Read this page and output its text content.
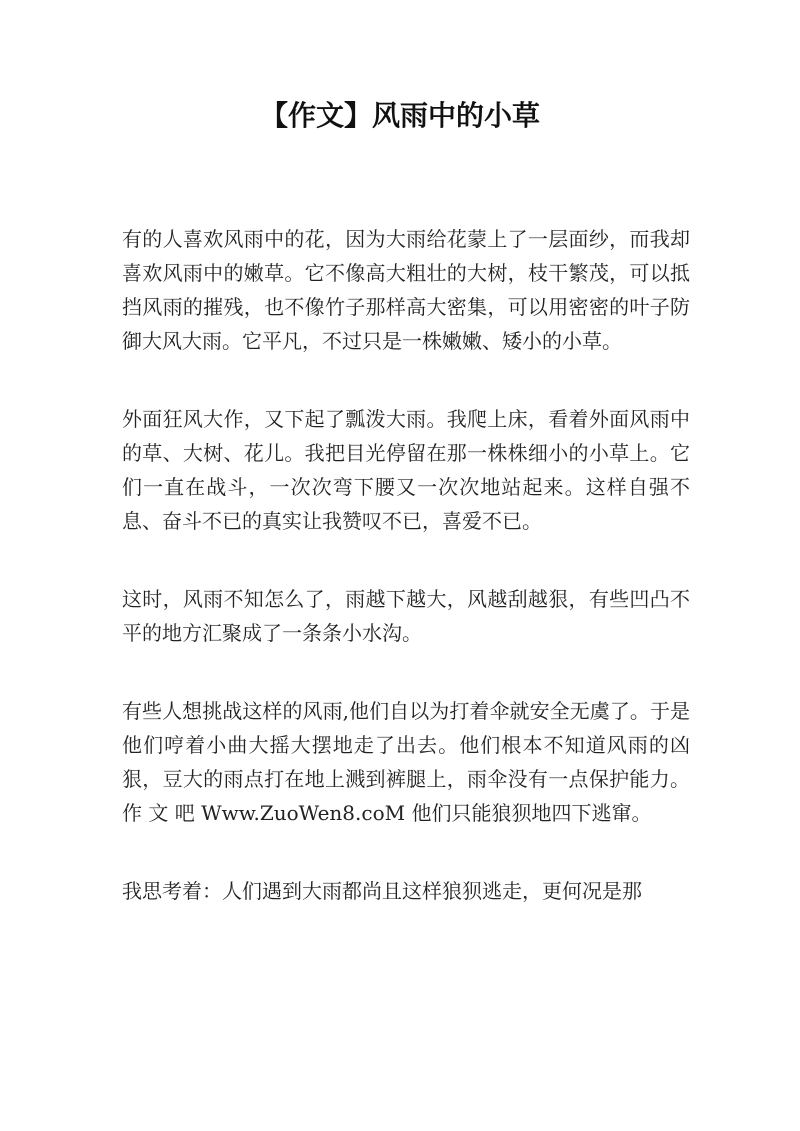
【作文】风雨中的小草

有的人喜欢风雨中的花，因为大雨给花蒙上了一层面纱，而我却喜欢风雨中的嫩草。它不像高大粗壮的大树，枝干繁茂，可以抵挡风雨的摧残，也不像竹子那样高大密集，可以用密密的叶子防御大风大雨。它平凡，不过只是一株嫩嫩、矮小的小草。

外面狂风大作，又下起了瓢泼大雨。我爬上床，看着外面风雨中的草、大树、花儿。我把目光停留在那一株株细小的小草上。它们一直在战斗，一次次弯下腰又一次次地站起来。这样自强不息、奋斗不已的真实让我赞叹不已，喜爱不已。

这时，风雨不知怎么了，雨越下越大，风越刮越狠，有些凹凸不平的地方汇聚成了一条条小水沟。

有些人想挑战这样的风雨,他们自以为打着伞就安全无虞了。于是他们哼着小曲大摇大摆地走了出去。他们根本不知道风雨的凶狠，豆大的雨点打在地上溅到裤腿上，雨伞没有一点保护能力。作 文 吧 Www.ZuoWen8.coM 他们只能狼狈地四下逃窜。

我思考着：人们遇到大雨都尚且这样狼狈逃走，更何况是那
